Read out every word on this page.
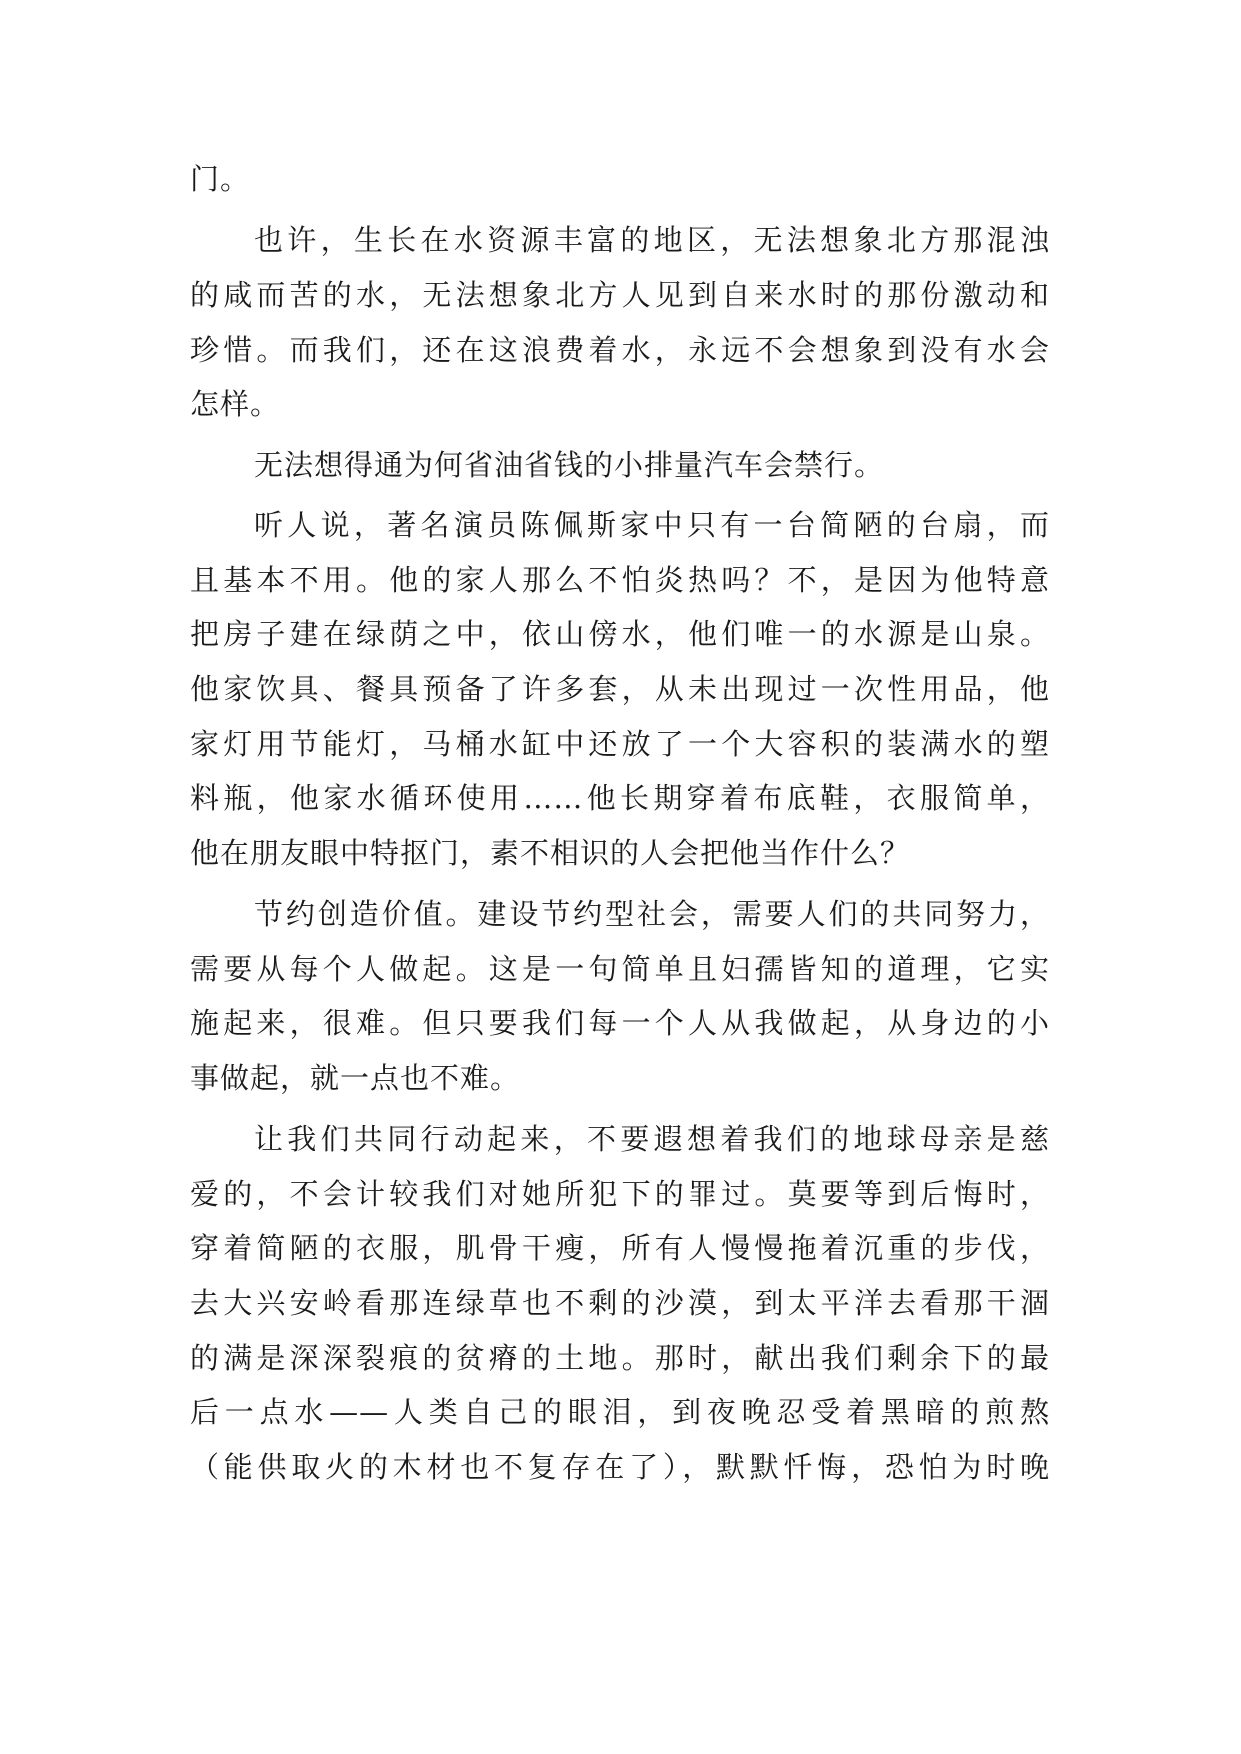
门。
也许，生长在水资源丰富的地区，无法想象北方那混浊
的咸而苦的水，无法想象北方人见到自来水时的那份激动和
珍惜。而我们，还在这浪费着水，永远不会想象到没有水会
怎样。
无法想得通为何省油省钱的小排量汽车会禁行。
听人说，著名演员陈佩斯家中只有一台简陋的台扇，而
且基本不用。他的家人那么不怕炎热吗？不，是因为他特意
把房子建在绿荫之中，依山傍水，他们唯一的水源是山泉。
他家饮具、餐具预备了许多套，从未出现过一次性用品，他
家灯用节能灯，马桶水缸中还放了一个大容积的装满水的塑
料瓶，他家水循环使用……他长期穿着布底鞋，衣服简单，
他在朋友眼中特抠门，素不相识的人会把他当作什么？
节约创造价值。建设节约型社会，需要人们的共同努力，
需要从每个人做起。这是一句简单且妇孺皆知的道理，它实
施起来，很难。但只要我们每一个人从我做起，从身边的小
事做起，就一点也不难。
让我们共同行动起来，不要遐想着我们的地球母亲是慈
爱的，不会计较我们对她所犯下的罪过。莫要等到后悔时，
穿着简陋的衣服，肌骨干瘦，所有人慢慢拖着沉重的步伐，
去大兴安岭看那连绿草也不剩的沙漠，到太平洋去看那干涸
的满是深深裂痕的贫瘠的土地。那时，献出我们剩余下的最
后一点水——人类自己的眼泪，到夜晚忍受着黑暗的煎熬
（能供取火的木材也不复存在了），默默忏悔，恐怕为时晚
